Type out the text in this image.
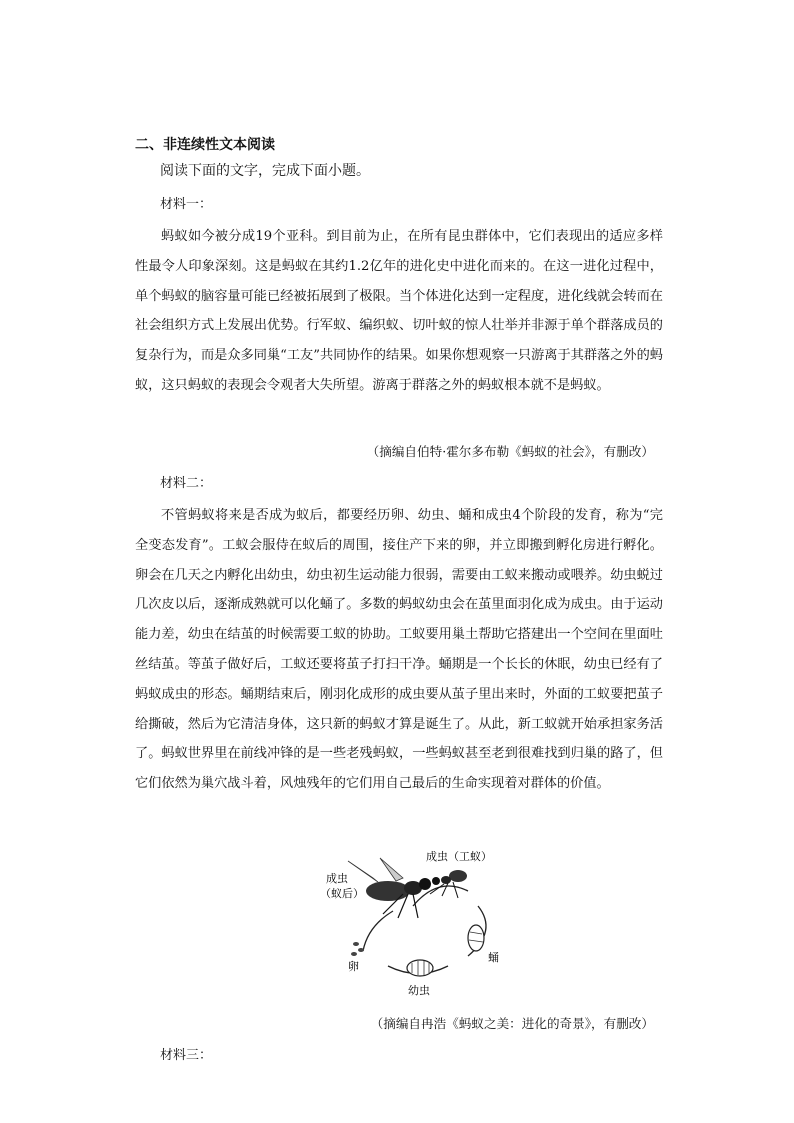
二、非连续性文本阅读
阅读下面的文字，完成下面小题。
材料一：
蚂蚁如今被分成19个亚科。到目前为止，在所有昆虫群体中，它们表现出的适应多样性最令人印象深刻。这是蚂蚁在其约1.2亿年的进化史中进化而来的。在这一进化过程中，单个蚂蚁的脑容量可能已经被拓展到了极限。当个体进化达到一定程度，进化线就会转而在社会组织方式上发展出优势。行军蚁、编织蚁、切叶蚁的惊人壮举并非源于单个群落成员的复杂行为，而是众多同巢“工友”共同协作的结果。如果你想观察一只游离于其群落之外的蚂蚁，这只蚂蚁的表现会令观者大失所望。游离于群落之外的蚂蚁根本就不是蚂蚁。
（摘编自伯特·霍尔多布勒《蚂蚁的社会》，有删改）
材料二：
不管蚂蚁将来是否成为蚁后，都要经历卵、幼虫、蛹和成虫4个阶段的发育，称为“完全变态发育”。工蚁会服侍在蚁后的周围，接住产下来的卵，并立即搬到孵化房进行孵化。卵会在几天之内孵化出幼虫，幼虫初生运动能力很弱，需要由工蚁来搬动或喂养。幼虫蜕过几次皮以后，逐渐成熟就可以化蛹了。多数的蚂蚁幼虫会在茧里面羽化成为成虫。由于运动能力差，幼虫在结茧的时候需要工蚁的协助。工蚁要用巢土帮助它搭建出一个空间在里面吐丝结茧。等茧子做好后，工蚁还要将茧子打扫干净。蛹期是一个长长的休眠，幼虫已经有了蚂蚁成虫的形态。蛹期结束后，刚羽化成形的成虫要从茧子里出来时，外面的工蚁要把茧子给撕破，然后为它清洁身体，这只新的蚂蚁才算是诞生了。从此，新工蚁就开始承担家务活了。蚂蚁世界里在前线冲锋的是一些老残蚂蚁，一些蚂蚁甚至老到很难找到归巢的路了，但它们依然为巢穴战斗着，风烛残年的它们用自己最后的生命实现着对群体的价值。
成虫（工蚁）
成虫
（蚁后）
蛹
卵
幼虫
（摘编自冉浩《蚂蚁之美：进化的奇景》，有删改）
材料三：
